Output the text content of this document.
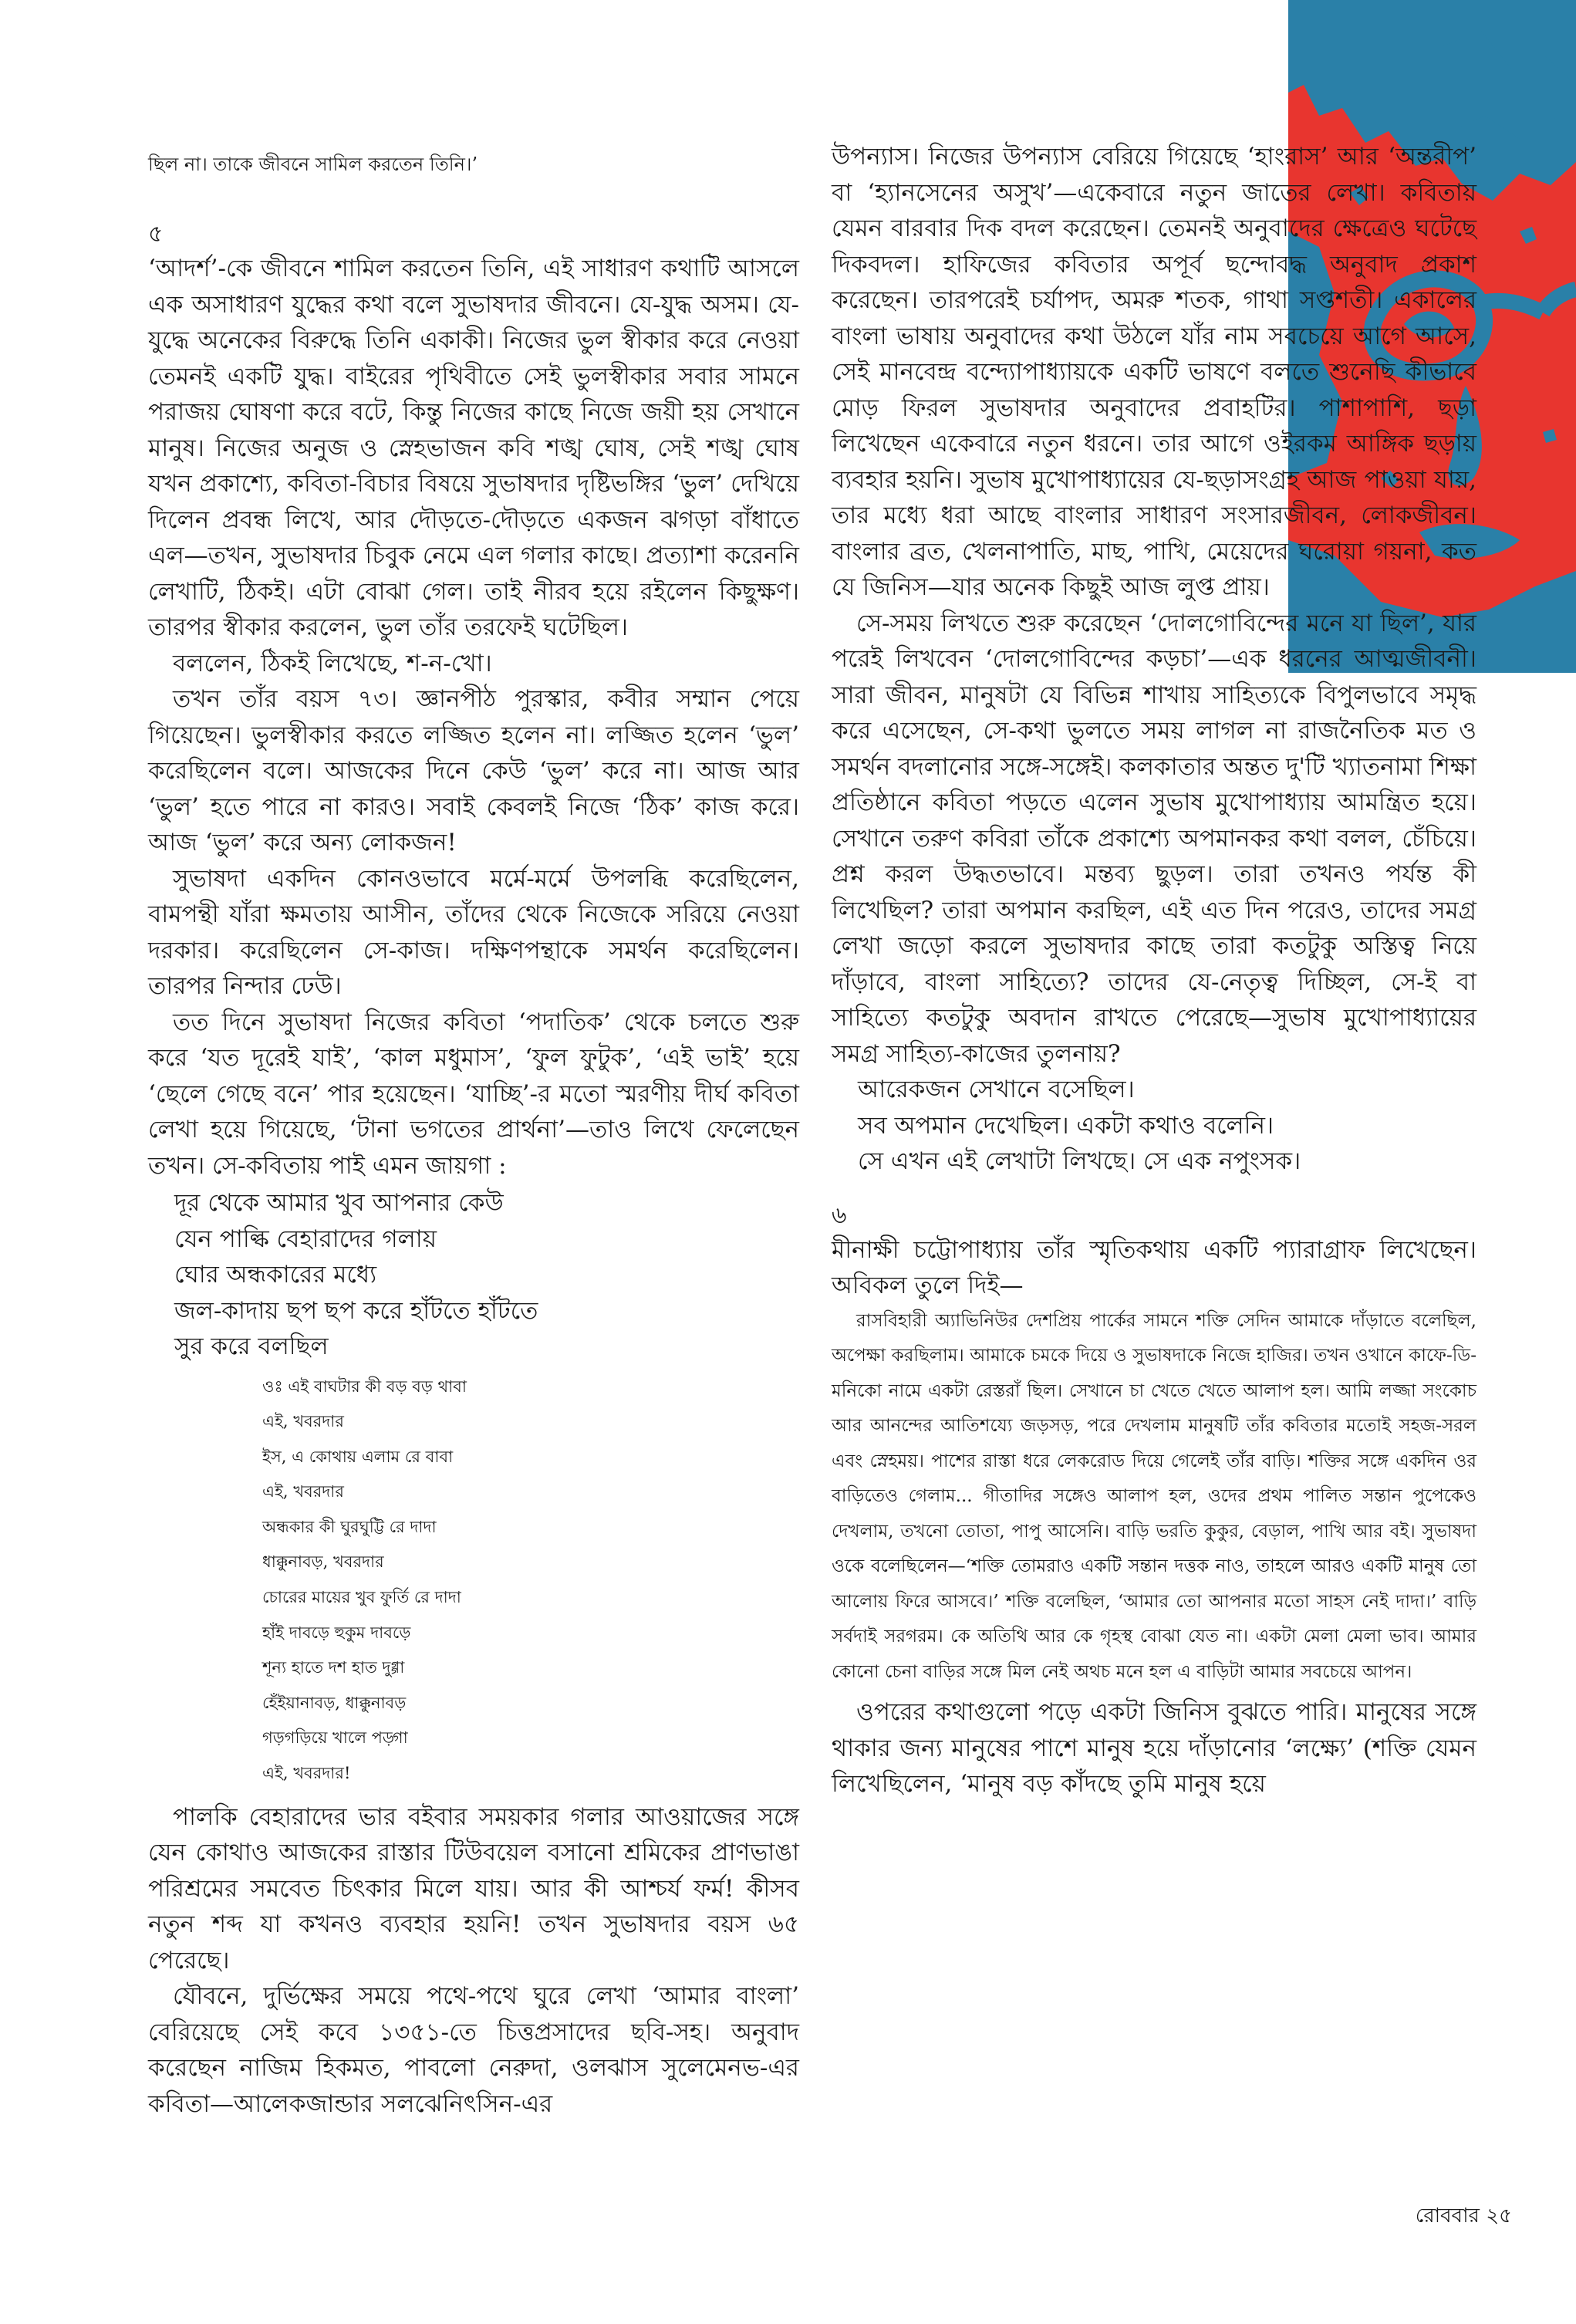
ছিল না। তাকে জীবনে সামিল করতেন তিনি।’

৫

‘আদর্শ’-কে জীবনে শামিল করতেন তিনি, এই সাধারণ কথাটি আসলে এক অসাধারণ যুদ্ধের কথা বলে সুভাষদার জীবনে। যে-যুদ্ধ অসম। যে-যুদ্ধে অনেকের বিরুদ্ধে তিনি একাকী। নিজের ভুল স্বীকার করে নেওয়া তেমনই একটি যুদ্ধ। বাইরের পৃথিবীতে সেই ভুলস্বীকার সবার সামনে পরাজয় ঘোষণা করে বটে, কিন্তু নিজের কাছে নিজে জয়ী হয় সেখানে মানুষ। নিজের অনুজ ও স্নেহভাজন কবি শঙ্খ ঘোষ, সেই শঙ্খ ঘোষ যখন প্রকাশ্যে, কবিতা-বিচার বিষয়ে সুভাষদার দৃষ্টিভঙ্গির ‘ভুল’ দেখিয়ে দিলেন প্রবন্ধ লিখে, আর দৌড়তে-দৌড়তে একজন ঝগড়া বাঁধাতে এল—তখন, সুভাষদার চিবুক নেমে এল গলার কাছে। প্রত্যাশা করেননি লেখাটি, ঠিকই। এটা বোঝা গেল। তাই নীরব হয়ে রইলেন কিছুক্ষণ। তারপর স্বীকার করলেন, ভুল তাঁর তরফেই ঘটেছিল।

বললেন, ঠিকই লিখেছে, শ-ন-খো।

তখন তাঁর বয়স ৭৩। জ্ঞানপীঠ পুরস্কার, কবীর সম্মান পেয়ে গিয়েছেন। ভুলস্বীকার করতে লজ্জিত হলেন না। লজ্জিত হলেন ‘ভুল’ করেছিলেন বলে। আজকের দিনে কেউ ‘ভুল’ করে না। আজ আর ‘ভুল’ হতে পারে না কারও। সবাই কেবলই নিজে ‘ঠিক’ কাজ করে। আজ ‘ভুল’ করে অন্য লোকজন!

সুভাষদা একদিন কোনওভাবে মর্মে-মর্মে উপলব্ধি করেছিলেন, বামপন্থী যাঁরা ক্ষমতায় আসীন, তাঁদের থেকে নিজেকে সরিয়ে নেওয়া দরকার। করেছিলেন সে-কাজ। দক্ষিণপন্থাকে সমর্থন করেছিলেন। তারপর নিন্দার ঢেউ।

তত দিনে সুভাষদা নিজের কবিতা ‘পদাতিক’ থেকে চলতে শুরু করে ‘যত দূরেই যাই’, ‘কাল মধুমাস’, ‘ফুল ফুটুক’, ‘এই ভাই’ হয়ে ‘ছেলে গেছে বনে’ পার হয়েছেন। ‘যাচ্ছি’-র মতো স্মরণীয় দীর্ঘ কবিতা লেখা হয়ে গিয়েছে, ‘টানা ভগতের প্রার্থনা’—তাও লিখে ফেলেছেন তখন। সে-কবিতায় পাই এমন জায়গা :

দূর থেকে আমার খুব আপনার কেউ
যেন পাল্কি বেহারাদের গলায়
ঘোর অন্ধকারের মধ্যে
জল-কাদায় ছপ ছপ করে হাঁটতে হাঁটতে
সুর করে বলছিল
ওঃ এই বাঘটার কী বড় বড় থাবা
এই, খবরদার
ইস, এ কোথায় এলাম রে বাবা
এই, খবরদার
অন্ধকার কী ঘুরঘুট্টি রে দাদা
ধাক্কুনাবড়, খবরদার
চোরের মায়ের খুব ফুর্তি রে দাদা
হাঁই দাবড়ে হুকুম দাবড়ে
শূন্য হাতে দশ হাত দুগ্গা
হেঁইয়ানাবড়, ধাক্কুনাবড়
গড়গড়িয়ে খালে পড়্গা
এই, খবরদার!

পালকি বেহারাদের ভার বইবার সময়কার গলার আওয়াজের সঙ্গে যেন কোথাও আজকের রাস্তার টিউবয়েল বসানো শ্রমিকের প্রাণভাঙা পরিশ্রমের সমবেত চিৎকার মিলে যায়। আর কী আশ্চর্য ফর্ম! কীসব নতুন শব্দ যা কখনও ব্যবহার হয়নি! তখন সুভাষদার বয়স ৬৫ পেরেছে।

যৌবনে, দুর্ভিক্ষের সময়ে পথে-পথে ঘুরে লেখা ‘আমার বাংলা’ বেরিয়েছে সেই কবে ১৩৫১-তে চিত্তপ্রসাদের ছবি-সহ। অনুবাদ করেছেন নাজিম হিকমত, পাবলো নেরুদা, ওলঝাস সুলেমেনভ-এর কবিতা—আলেকজান্ডার সলঝেনিৎসিন-এর

উপন্যাস। নিজের উপন্যাস বেরিয়ে গিয়েছে ‘হাংরাস’ আর ‘অন্তরীপ’ বা ‘হ্যানসেনের অসুখ’—একেবারে নতুন জাতের লেখা। কবিতায় যেমন বারবার দিক বদল করেছেন। তেমনই অনুবাদের ক্ষেত্রেও ঘটেছে দিকবদল। হাফিজের কবিতার অপূর্ব ছন্দোবদ্ধ অনুবাদ প্রকাশ করেছেন। তারপরেই চর্যাপদ, অমরু শতক, গাথা সপ্তশতী। একালের বাংলা ভাষায় অনুবাদের কথা উঠলে যাঁর নাম সবচেয়ে আগে আসে, সেই মানবেন্দ্র বন্দ্যোপাধ্যায়কে একটি ভাষণে বলতে শুনেছি কীভাবে মোড় ফিরল সুভাষদার অনুবাদের প্রবাহটির। পাশাপাশি, ছড়া লিখেছেন একেবারে নতুন ধরনে। তার আগে ওইরকম আঙ্গিক ছড়ায় ব্যবহার হয়নি। সুভাষ মুখোপাধ্যায়ের যে-ছড়াসংগ্রহ আজ পাওয়া যায়, তার মধ্যে ধরা আছে বাংলার সাধারণ সংসারজীবন, লোকজীবন। বাংলার ব্রত, খেলনাপাতি, মাছ, পাখি, মেয়েদের ঘরোয়া গয়না, কত যে জিনিস—যার অনেক কিছুই আজ লুপ্ত প্রায়।

সে-সময় লিখতে শুরু করেছেন ‘দোলগোবিন্দের মনে যা ছিল’, যার পরেই লিখবেন ‘দোলগোবিন্দের কড়চা’—এক ধরনের আত্মজীবনী। সারা জীবন, মানুষটা যে বিভিন্ন শাখায় সাহিত্যকে বিপুলভাবে সমৃদ্ধ করে এসেছেন, সে-কথা ভুলতে সময় লাগল না রাজনৈতিক মত ও সমর্থন বদলানোর সঙ্গে-সঙ্গেই। কলকাতার অন্তত দু'টি খ্যাতনামা শিক্ষা প্রতিষ্ঠানে কবিতা পড়তে এলেন সুভাষ মুখোপাধ্যায় আমন্ত্রিত হয়ে। সেখানে তরুণ কবিরা তাঁকে প্রকাশ্যে অপমানকর কথা বলল, চেঁচিয়ে। প্রশ্ন করল উদ্ধতভাবে। মন্তব্য ছুড়ল। তারা তখনও পর্যন্ত কী লিখেছিল? তারা অপমান করছিল, এই এত দিন পরেও, তাদের সমগ্র লেখা জড়ো করলে সুভাষদার কাছে তারা কতটুকু অস্তিত্ব নিয়ে দাঁড়াবে, বাংলা সাহিত্যে? তাদের যে-নেতৃত্ব দিচ্ছিল, সে-ই বা সাহিত্যে কতটুকু অবদান রাখতে পেরেছে—সুভাষ মুখোপাধ্যায়ের সমগ্র সাহিত্য-কাজের তুলনায়?

আরেকজন সেখানে বসেছিল।
সব অপমান দেখেছিল। একটা কথাও বলেনি।
সে এখন এই লেখাটা লিখছে। সে এক নপুংসক।

৬

মীনাক্ষী চট্টোপাধ্যায় তাঁর স্মৃতিকথায় একটি প্যারাগ্রাফ লিখেছেন। অবিকল তুলে দিই—

রাসবিহারী অ্যাভিনিউর দেশপ্রিয় পার্কের সামনে শক্তি সেদিন আমাকে দাঁড়াতে বলেছিল, অপেক্ষা করছিলাম। আমাকে চমকে দিয়ে ও সুভাষদাকে নিজে হাজির। তখন ওখানে কাফে-ডি-মনিকো নামে একটা রেস্তরাঁ ছিল। সেখানে চা খেতে খেতে আলাপ হল। আমি লজ্জা সংকোচ আর আনন্দের আতিশয্যে জড়সড়, পরে দেখলাম মানুষটি তাঁর কবিতার মতোই সহজ-সরল এবং স্নেহময়। পাশের রাস্তা ধরে লেকরোড দিয়ে গেলেই তাঁর বাড়ি। শক্তির সঙ্গে একদিন ওর বাড়িতেও গেলাম... গীতাদির সঙ্গেও আলাপ হল, ওদের প্রথম পালিত সন্তান পুপেকেও দেখলাম, তখনো তোতা, পাপু আসেনি। বাড়ি ভরতি কুকুর, বেড়াল, পাখি আর বই। সুভাষদা ওকে বলেছিলেন—‘শক্তি তোমরাও একটি সন্তান দত্তক নাও, তাহলে আরও একটি মানুষ তো আলোয় ফিরে আসবে।’ শক্তি বলেছিল, ‘আমার তো আপনার মতো সাহস নেই দাদা।’ বাড়ি সর্বদাই সরগরম। কে অতিথি আর কে গৃহস্থ বোঝা যেত না। একটা মেলা মেলা ভাব। আমার কোনো চেনা বাড়ির সঙ্গে মিল নেই অথচ মনে হল এ বাড়িটা আমার সবচেয়ে আপন।

ওপরের কথাগুলো পড়ে একটা জিনিস বুঝতে পারি। মানুষের সঙ্গে থাকার জন্য মানুষের পাশে মানুষ হয়ে দাঁড়ানোর ‘লক্ষ্যে’ (শক্তি যেমন লিখেছিলেন, ‘মানুষ বড় কাঁদছে তুমি মানুষ হয়ে

রোববার ২৫
